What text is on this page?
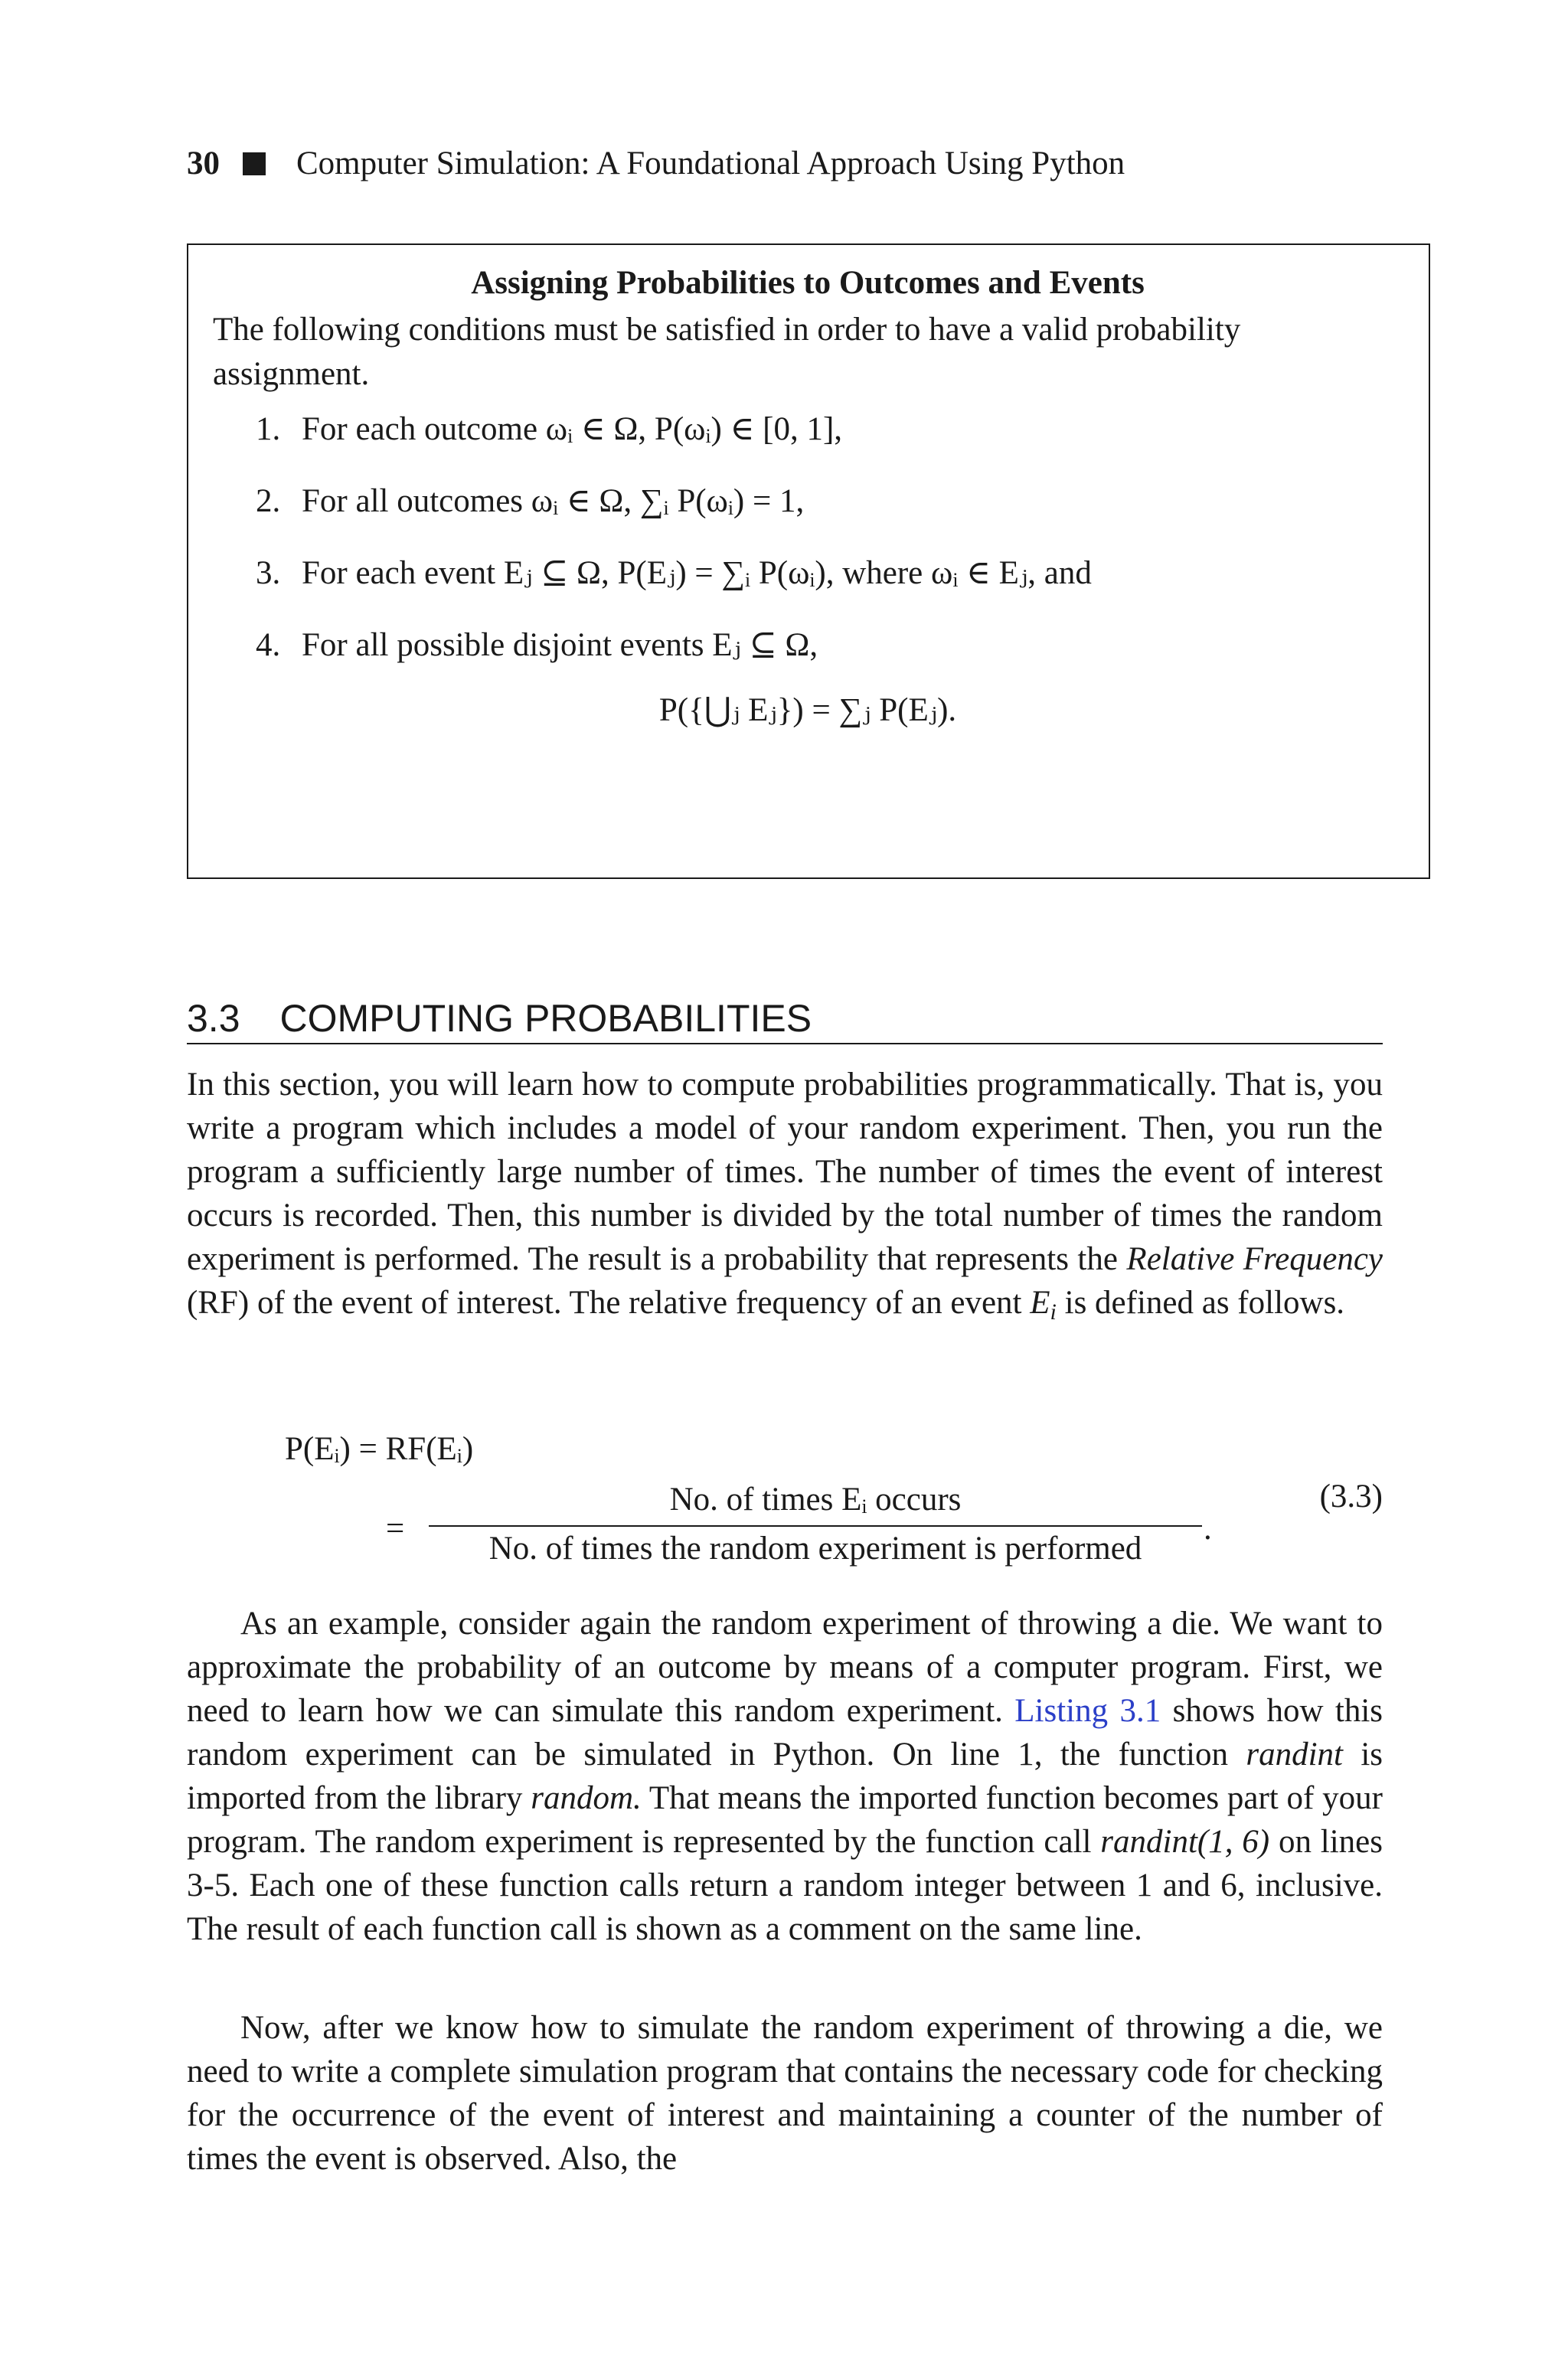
30 Computer Simulation: A Foundational Approach Using Python
Assigning Probabilities to Outcomes and Events

The following conditions must be satisfied in order to have a valid probability assignment.

1. For each outcome ωᵢ ∈ Ω, P(ωᵢ) ∈ [0, 1],
2. For all outcomes ωᵢ ∈ Ω, ∑ᵢ P(ωᵢ) = 1,
3. For each event Eⱼ ⊆ Ω, P(Eⱼ) = ∑ᵢ P(ωᵢ), where ωᵢ ∈ Eⱼ, and
4. For all possible disjoint events Eⱼ ⊆ Ω,
P({⋃ⱼ Eⱼ}) = ∑ⱼ P(Eⱼ).
3.3 COMPUTING PROBABILITIES

In this section, you will learn how to compute probabilities programmatically. That is, you write a program which includes a model of your random experiment. Then, you run the program a sufficiently large number of times. The number of times the event of interest occurs is recorded. Then, this number is divided by the total number of times the random experiment is performed. The result is a probability that represents the Relative Frequency (RF) of the event of interest. The relative frequency of an event $E_i$ is defined as follows.

P(Eᵢ) = RF(Eᵢ)
=
No. of times Eᵢ occurs
No. of times the random experiment is performed
.
(3.3)

As an example, consider again the random experiment of throwing a die. We want to approximate the probability of an outcome by means of a computer program. First, we need to learn how we can simulate this random experiment. Listing 3.1 shows how this random experiment can be simulated in Python. On line 1, the function randint is imported from the library random. That means the imported function becomes part of your program. The random experiment is represented by the function call randint(1, 6) on lines 3-5. Each one of these function calls return a random integer between 1 and 6, inclusive. The result of each function call is shown as a comment on the same line.

Now, after we know how to simulate the random experiment of throwing a die, we need to write a complete simulation program that contains the necessary code for checking for the occurrence of the event of interest and maintaining a counter of the number of times the event is observed. Also, the
